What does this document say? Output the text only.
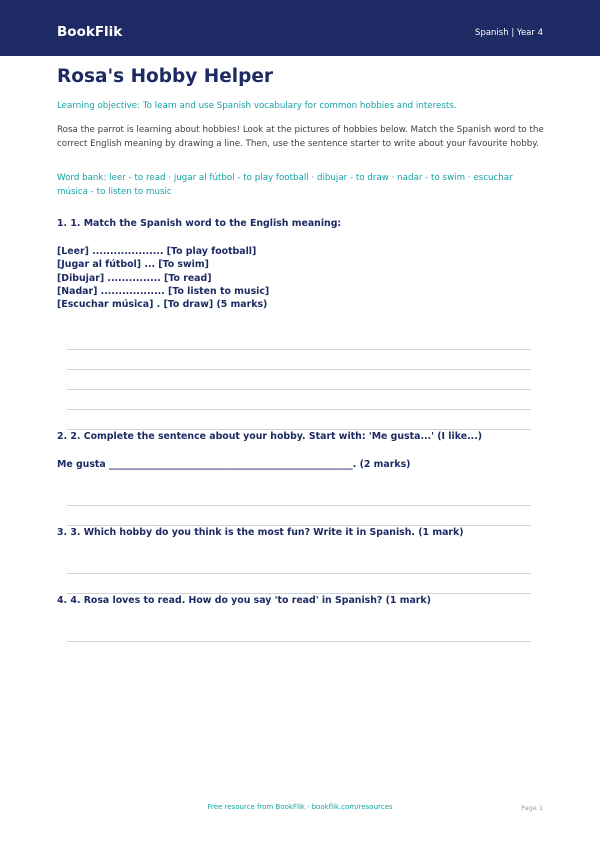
BookFlik	Spanish | Year 4
Rosa's Hobby Helper
Learning objective: To learn and use Spanish vocabulary for common hobbies and interests.
Rosa the parrot is learning about hobbies! Look at the pictures of hobbies below. Match the Spanish word to the correct English meaning by drawing a line. Then, use the sentence starter to write about your favourite hobby.
Word bank: leer - to read · jugar al fútbol - to play football · dibujar - to draw · nadar - to swim · escuchar música - to listen to music
1. 1. Match the Spanish word to the English meaning:
[Leer] .................... [To play football]
[Jugar al fútbol] ... [To swim]
[Dibujar] ............... [To read]
[Nadar] .................. [To listen to music]
[Escuchar música] . [To draw] (5 marks)
2. 2. Complete the sentence about your hobby. Start with: 'Me gusta...' (I like...)
Me gusta ____________________________________________________. (2 marks)
3. 3. Which hobby do you think is the most fun? Write it in Spanish. (1 mark)
4. 4. Rosa loves to read. How do you say 'to read' in Spanish? (1 mark)
Free resource from BookFlik · bookflik.com/resources	Page 1
